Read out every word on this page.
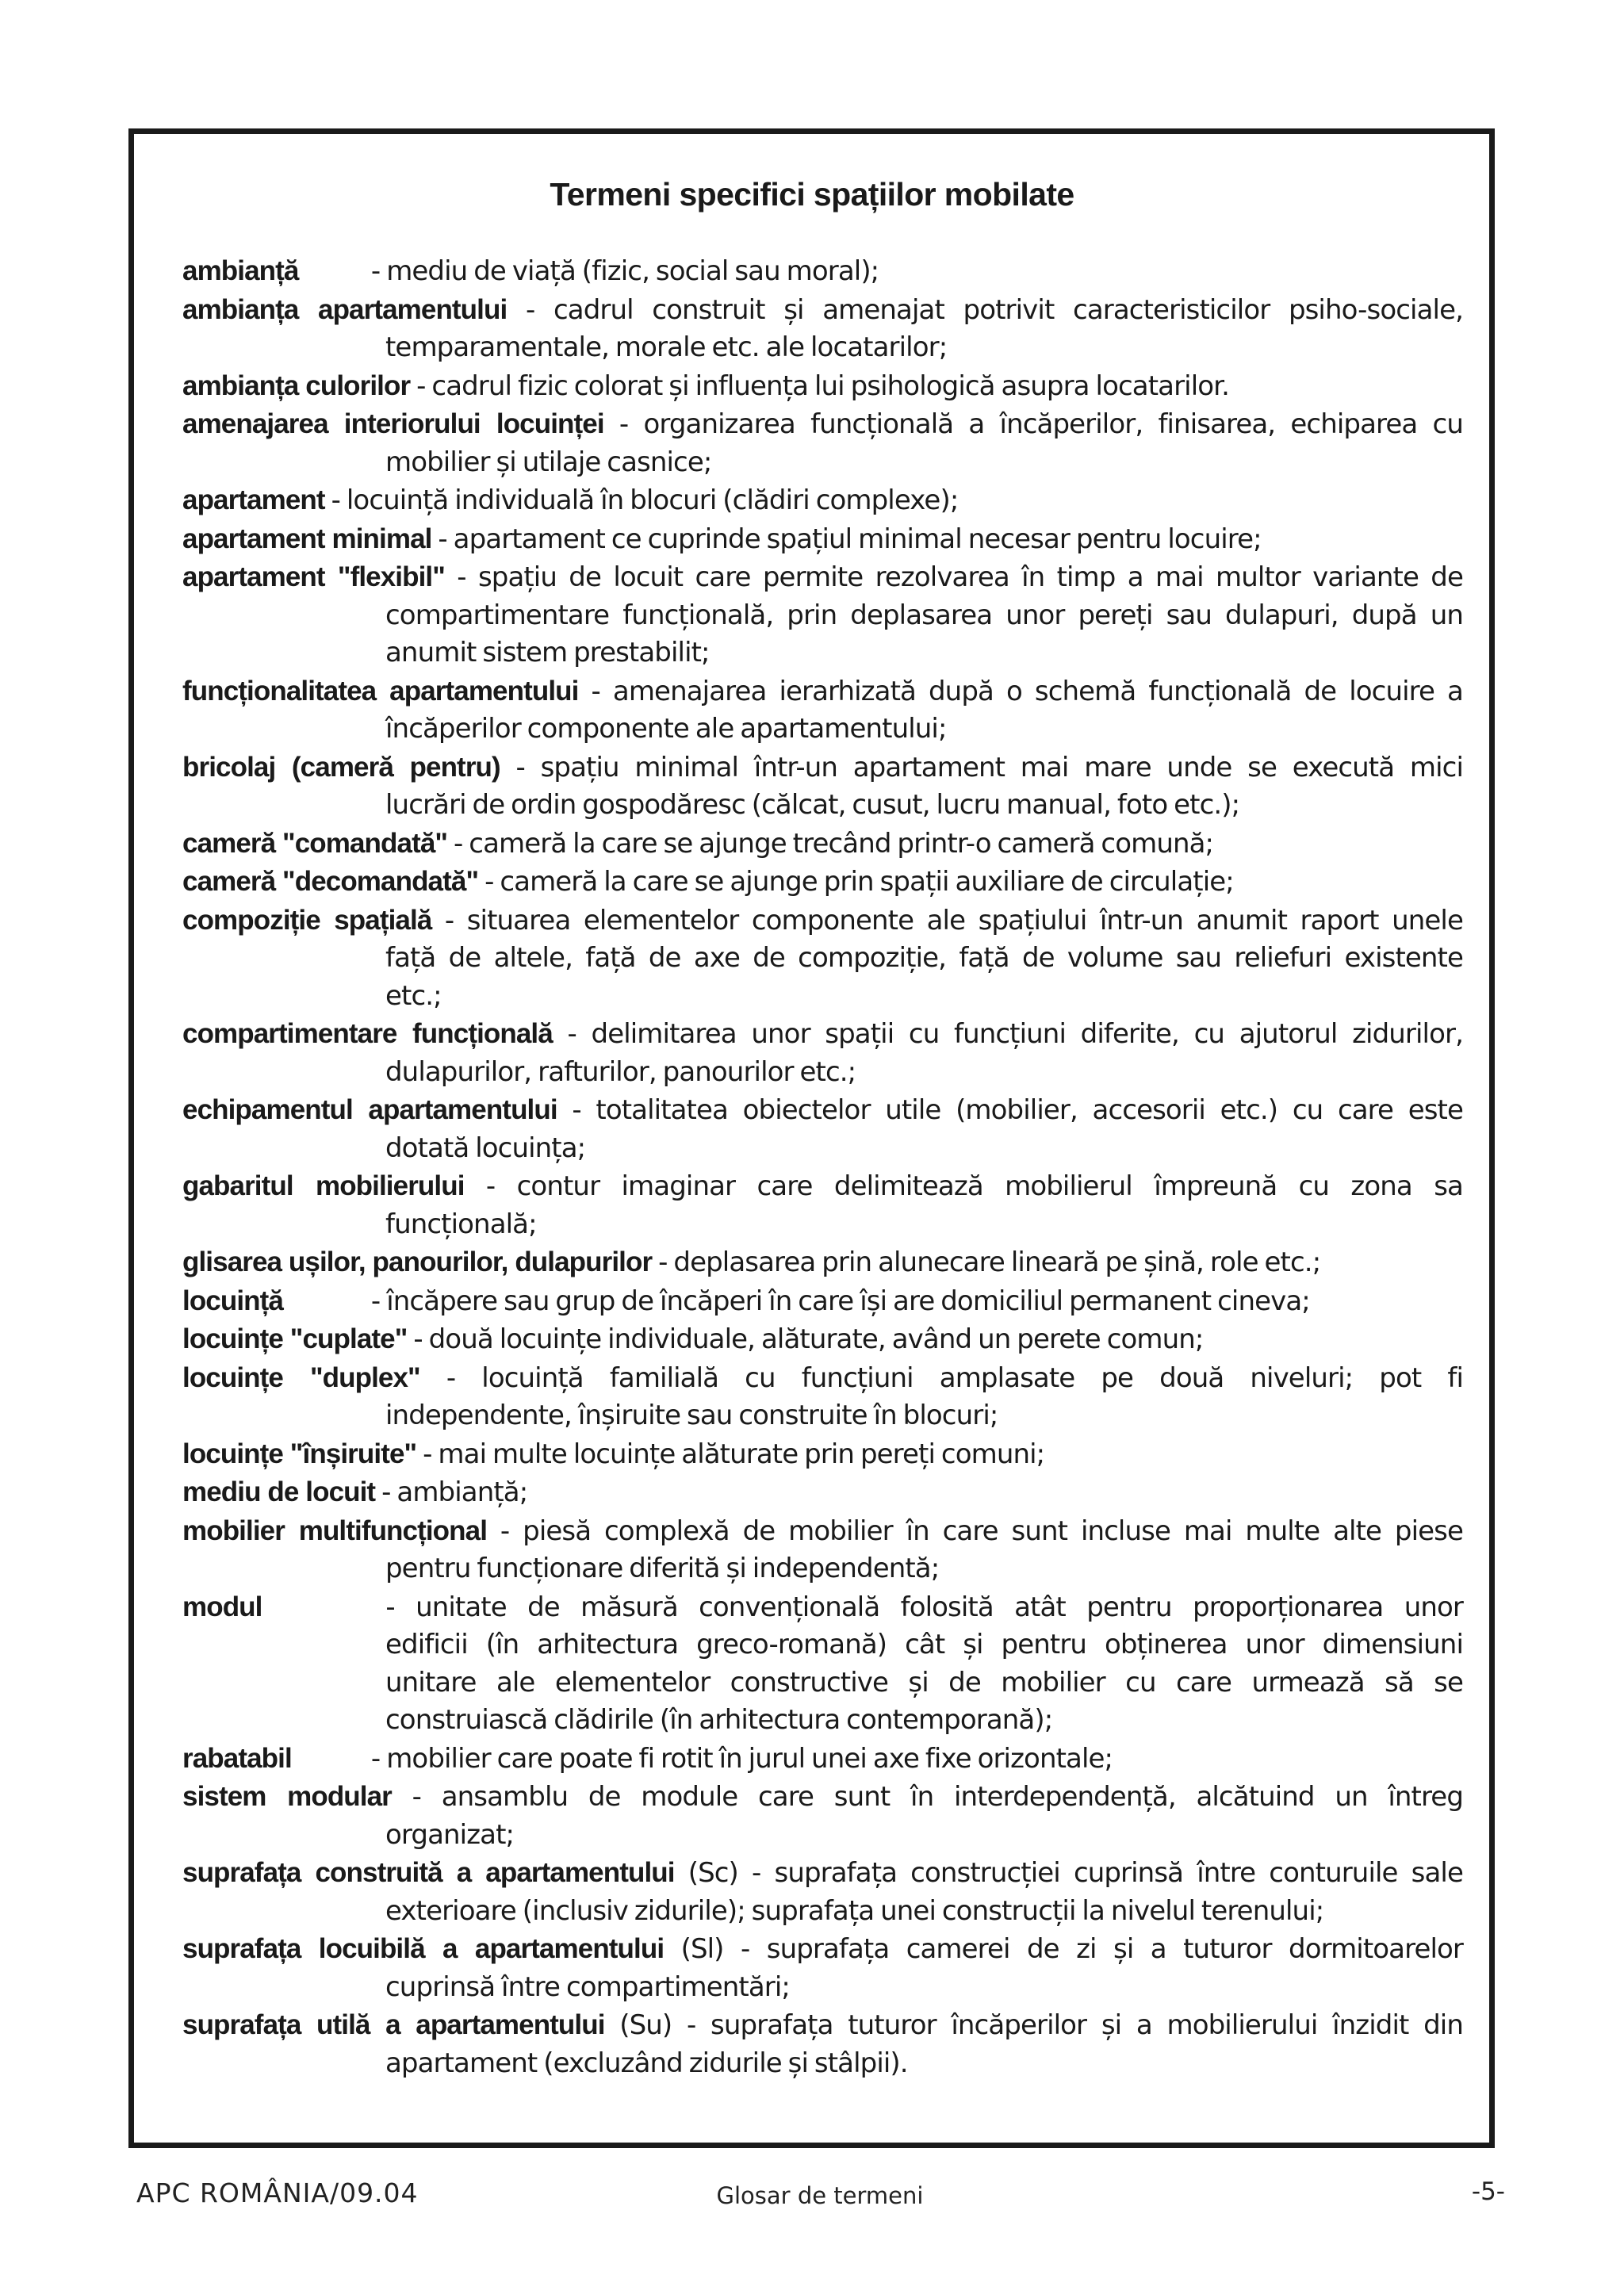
Termeni specifici spațiilor mobilate
ambianță	- mediu de viață (fizic, social sau moral);
ambianța apartamentului - cadrul construit și amenajat potrivit caracteristicilor psiho-sociale,
temparamentale, morale etc. ale locatarilor;
ambianța culorilor - cadrul fizic colorat și influența lui psihologică asupra locatarilor.
amenajarea interiorului locuinței - organizarea funcțională a încăperilor, finisarea, echiparea cu
mobilier și utilaje casnice;
apartament - locuință individuală în blocuri (clădiri complexe);
apartament minimal - apartament ce cuprinde spațiul minimal necesar pentru locuire;
apartament "flexibil" - spațiu de locuit care permite rezolvarea în timp a mai multor variante de
compartimentare funcțională, prin deplasarea unor pereți sau dulapuri, după un
anumit sistem prestabilit;
funcționalitatea apartamentului - amenajarea ierarhizată după o schemă funcțională de locuire a
încăperilor componente ale apartamentului;
bricolaj (cameră pentru) - spațiu minimal într-un apartament mai mare unde se execută mici
lucrări de ordin gospodăresc (călcat, cusut, lucru manual, foto etc.);
cameră "comandată" - cameră la care se ajunge trecând printr-o cameră comună;
cameră "decomandată" - cameră la care se ajunge prin spații auxiliare de circulație;
compoziție spațială - situarea elementelor componente ale spațiului într-un anumit raport unele
față de altele, față de axe de compoziție, față de volume sau reliefuri existente
etc.;
compartimentare funcțională - delimitarea unor spații cu funcțiuni diferite, cu ajutorul zidurilor,
dulapurilor, rafturilor, panourilor etc.;
echipamentul apartamentului - totalitatea obiectelor utile (mobilier, accesorii etc.) cu care este
dotată locuința;
gabaritul mobilierului - contur imaginar care delimitează mobilierul împreună cu zona sa
funcțională;
glisarea ușilor, panourilor, dulapurilor - deplasarea prin alunecare lineară pe șină, role etc.;
locuință	- încăpere sau grup de încăperi în care își are domiciliul permanent cineva;
locuințe "cuplate" - două locuințe individuale, alăturate, având un perete comun;
locuințe "duplex" - locuință familială cu funcțiuni amplasate pe două niveluri; pot fi
independente, înșiruite sau construite în blocuri;
locuințe "înșiruite" - mai multe locuințe alăturate prin pereți comuni;
mediu de locuit - ambianță;
mobilier multifuncțional - piesă complexă de mobilier în care sunt incluse mai multe alte piese
pentru funcționare diferită și independentă;
modul	- unitate de măsură convențională folosită atât pentru proporționarea unor
edificii (în arhitectura greco-romană) cât și pentru obținerea unor dimensiuni
unitare ale elementelor constructive și de mobilier cu care urmează să se
construiască clădirile (în arhitectura contemporană);
rabatabil	- mobilier care poate fi rotit în jurul unei axe fixe orizontale;
sistem modular - ansamblu de module care sunt în interdependență, alcătuind un întreg
organizat;
suprafața construită a apartamentului (Sc) - suprafața construcției cuprinsă între conturuile sale
exterioare (inclusiv zidurile); suprafața unei construcții la nivelul terenului;
suprafața locuibilă a apartamentului (Sl) - suprafața camerei de zi și a tuturor dormitoarelor
cuprinsă între compartimentări;
suprafața utilă a apartamentului (Su) - suprafața tuturor încăperilor și a mobilierului înzidit din
apartament (excluzând zidurile și stâlpii).
APC ROMÂNIA/09.04	Glosar de termeni	-5-
